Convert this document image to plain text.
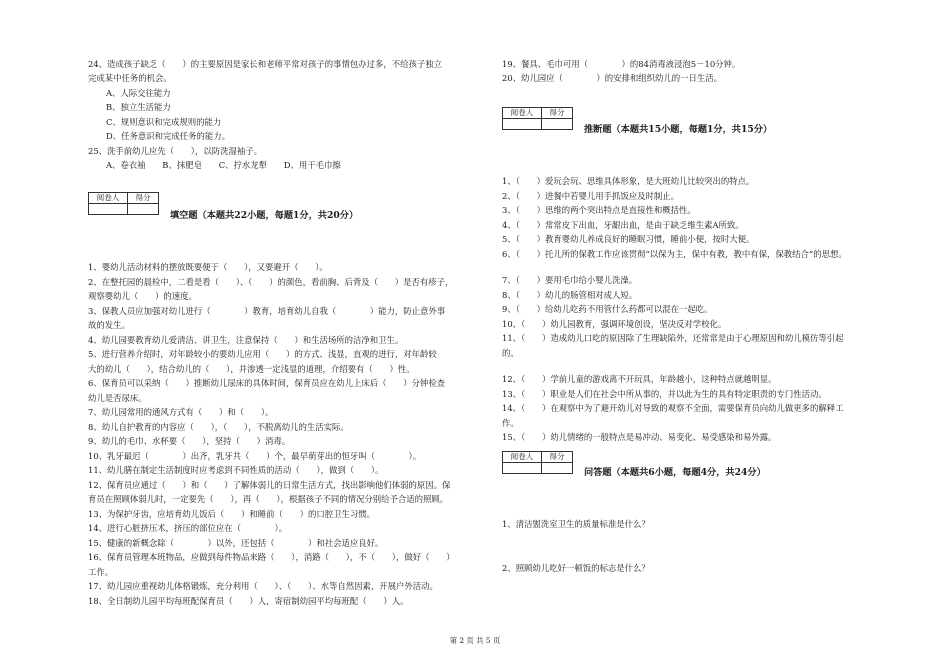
24、造成孩子缺乏（　　）的主要原因是家长和老师平常对孩子的事情包办过多，不给孩子独立
完成某中任务的机会。
A、人际交往能力
B、独立生活能力
C、规则意识和完成规则的能力
D、任务意识和完成任务的能力。
25、洗手前幼儿应先（　　），以防洗湿袖子。
A、卷衣袖　　B、抹肥皂　　C、拧水龙犁　　D、用干毛巾擦
阅卷人	得分

填空题（本题共22小题，每题1分，共20分）
1、婴幼儿活动材料的摆放既要便于（　　），又要避开（　　）。
2、在整托园的晨检中，二看是看（　　）、（　　）的颜色，看前胸、后背及（　　）是否有疹子，
观察婴幼儿（　　）的速度。
3、保教人员应加强对幼儿进行（　　　　）教育，培育幼儿自我（　　　　）能力，防止意外事
故的发生。
4、幼儿园要教育幼儿爱清洁、讲卫生，注意保持（　　）和生活场所的洁净和卫生。
5、进行营养介绍时，对年龄较小的要幼儿应用（　　）的方式、浅显，直观的进行，对年龄较
大的幼儿（　　），结合幼儿的（　　），并渗透一定浅显的道理，介绍要有（　　）性。
6、保育员可以采纳（　　）推断幼儿尿床的具体时间，保育员应在幼儿上床后（　　）分钟检查
幼儿是否尿床。
7、幼儿园常用的通风方式有（　　）和（　　）。
8、幼儿自护教育的内容应（　　），（　　），不脱离幼儿的生活实际。
9、幼儿的毛巾、水杯要（　　），坚持（　　）消毒。
10、乳牙最迟（　　　　）出齐，乳牙共（　　）个，最早萌芽出的恒牙叫（　　　　）。
11、幼儿膳在制定生活制度时应考虑到不同性质的活动（　　），做到（　　）。
12、保育员应通过（　　）和（　　）了解体弱儿的日常生活方式，找出影响他们体弱的原因。保
育员在照顾体弱儿时，一定要先（　　），再（　　），根据孩子不同的情况分别给予合适的照顾。
13、为保护牙齿，应培育幼儿饭后（　　）和睡前（　　）的口腔卫生习惯。
14、进行心脏挤压术，挤压的部位应在（　　　　）。
15、健康的新概念除（　　　　）以外，还包括（　　　　）和社会适应良好。
16、保育员管理本班物品，应做到每件物品来路（　　），消路（　　），不（　　），做好（　　）
工作。
17、幼儿园应重视幼儿体格锻炼，充分利用（　　）、（　　）、水等自然因素，开展户外活动。
18、全日制幼儿园平均每班配保育员（　　）人，寄宿制幼园平均每班配（　　）人。
19、餐具、毛巾可用（　　　　）的84消毒液浸泡5－10分钟。
20、幼儿园应（　　　　）的安排和组织幼儿的一日生活。
阅卷人	得分

推断题（本题共15小题，每题1分，共15分）
1、（　　）爱玩会玩、思维具体形象，是大班幼儿比较突出的特点。
2、（　　）进餐中若婴儿用手抓饭应及时制止。
3、（　　）思维的两个突出特点是直接性和概括性。
4、（　　）常常皮下出血，牙龈出血，是由于缺乏维生素A所致。
5、（　　）教育婴幼儿养成良好的睡眠习惯，睡前小便，按时大便。
6、（　　）托儿所的保教工作应该贯彻“以保为主，保中有教，教中有保，保教结合”的思想。
7、（　　）要用毛巾给小婴儿洗澡。
8、（　　）幼儿的肠管相对成人短。
9、（　　）给幼儿吃药不用管什么药都可以混在一起吃。
10、（　　）幼儿园教育，强调环境创设，坚决反对学校化。
11、（　　）造成幼儿口吃的原因除了生理缺陷外，还常常是由于心理原因和幼儿模仿等引起
的。
12、（　　）学前儿童的游戏离不开玩具，年龄越小，这种特点就越明显。
13、（　　）职业是人们在社会中所从事的，并以此为生的具有特定职责的专门性活动。
14、（　　）在观察中为了避开幼儿对导致的观察不全面，需要保育员向幼儿做更多的解释工
作。
15、（　　）幼儿情绪的一般特点是易冲动、易变化、易受感染和易外露。
阅卷人	得分

问答题（本题共6小题，每题4分，共24分）
1、清洁盥洗室卫生的质量标准是什么？
2、照顾幼儿吃好一顿饭的标志是什么？
第 2 页 共 5 页
